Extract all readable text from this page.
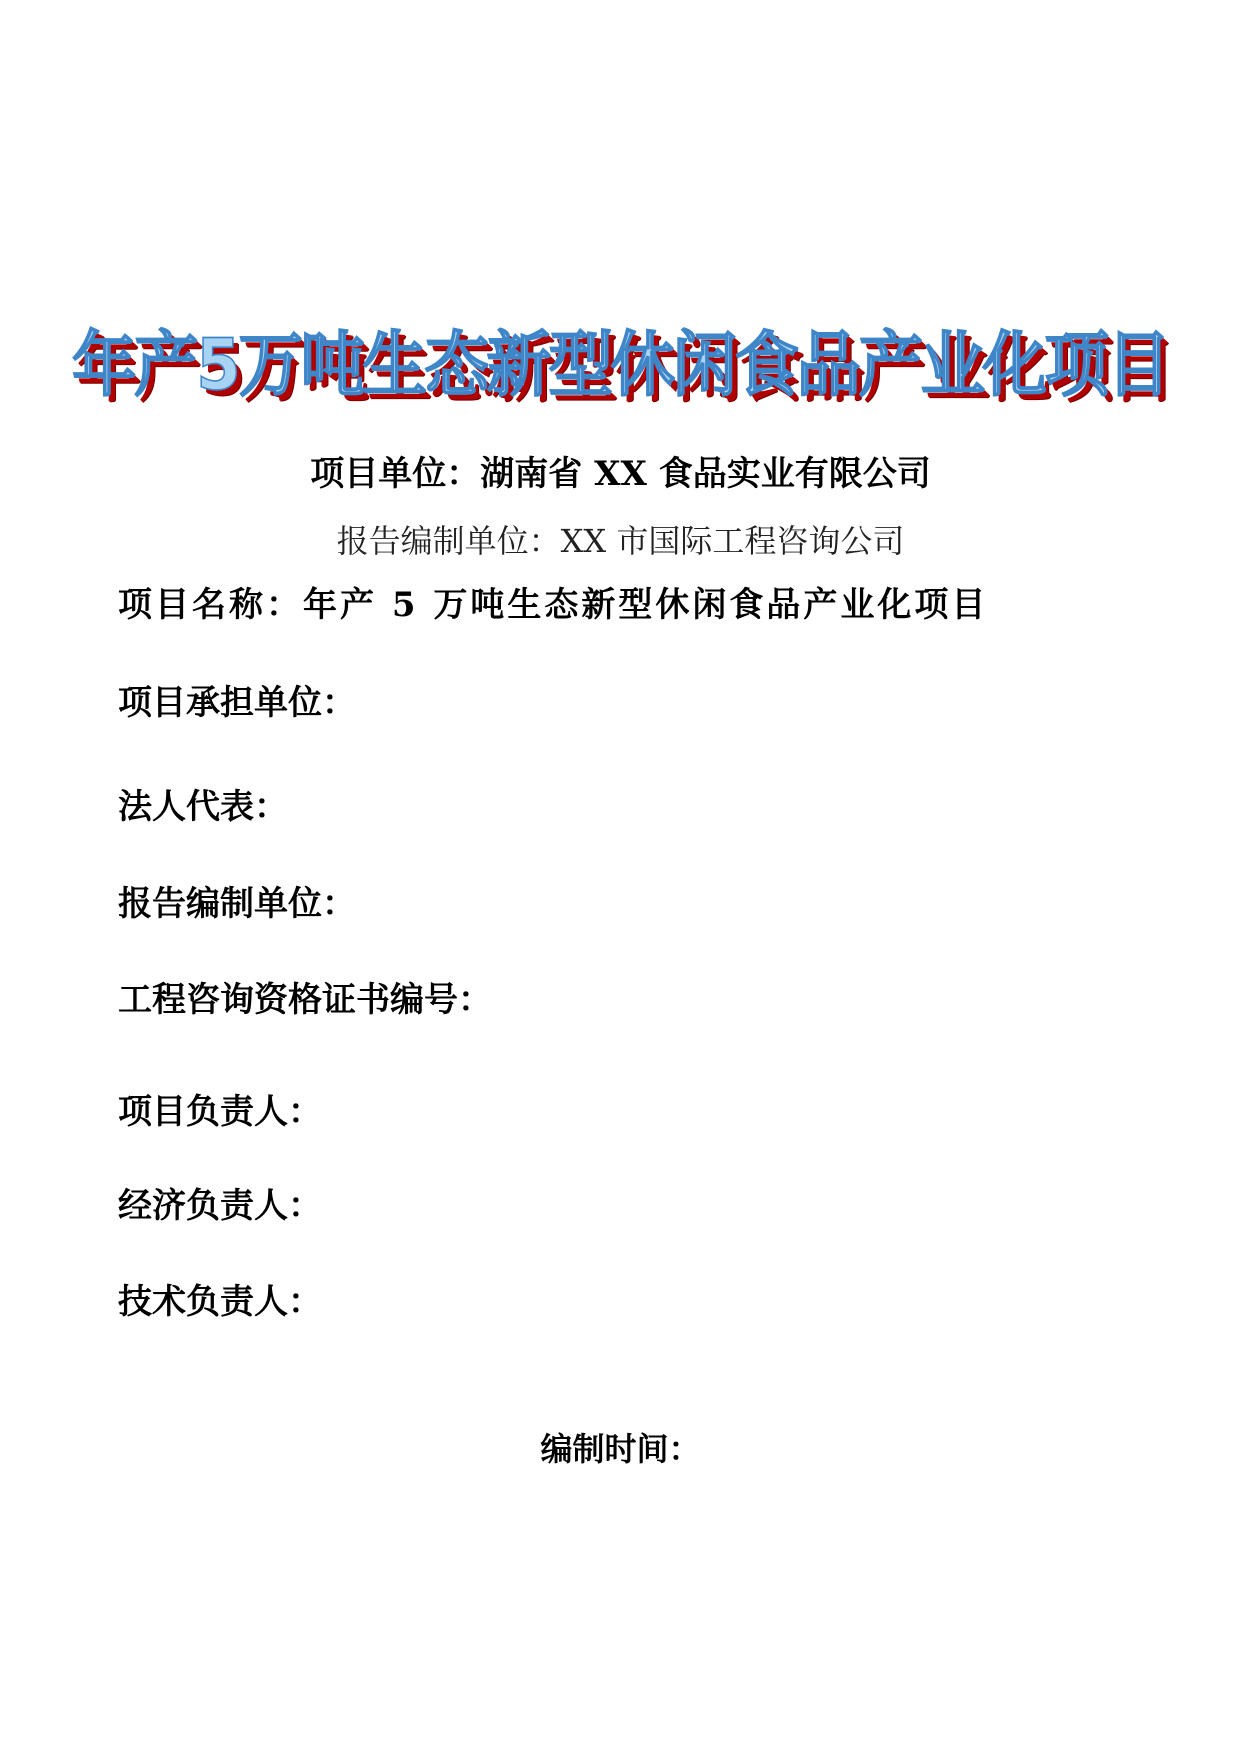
年产5万吨生态新型休闲食品产业化项目
项目单位：湖南省 XX 食品实业有限公司
报告编制单位：XX 市国际工程咨询公司
项目名称：年产 5 万吨生态新型休闲食品产业化项目
项目承担单位：
法人代表：
报告编制单位：
工程咨询资格证书编号：
项目负责人：
经济负责人：
技术负责人：
编制时间：
